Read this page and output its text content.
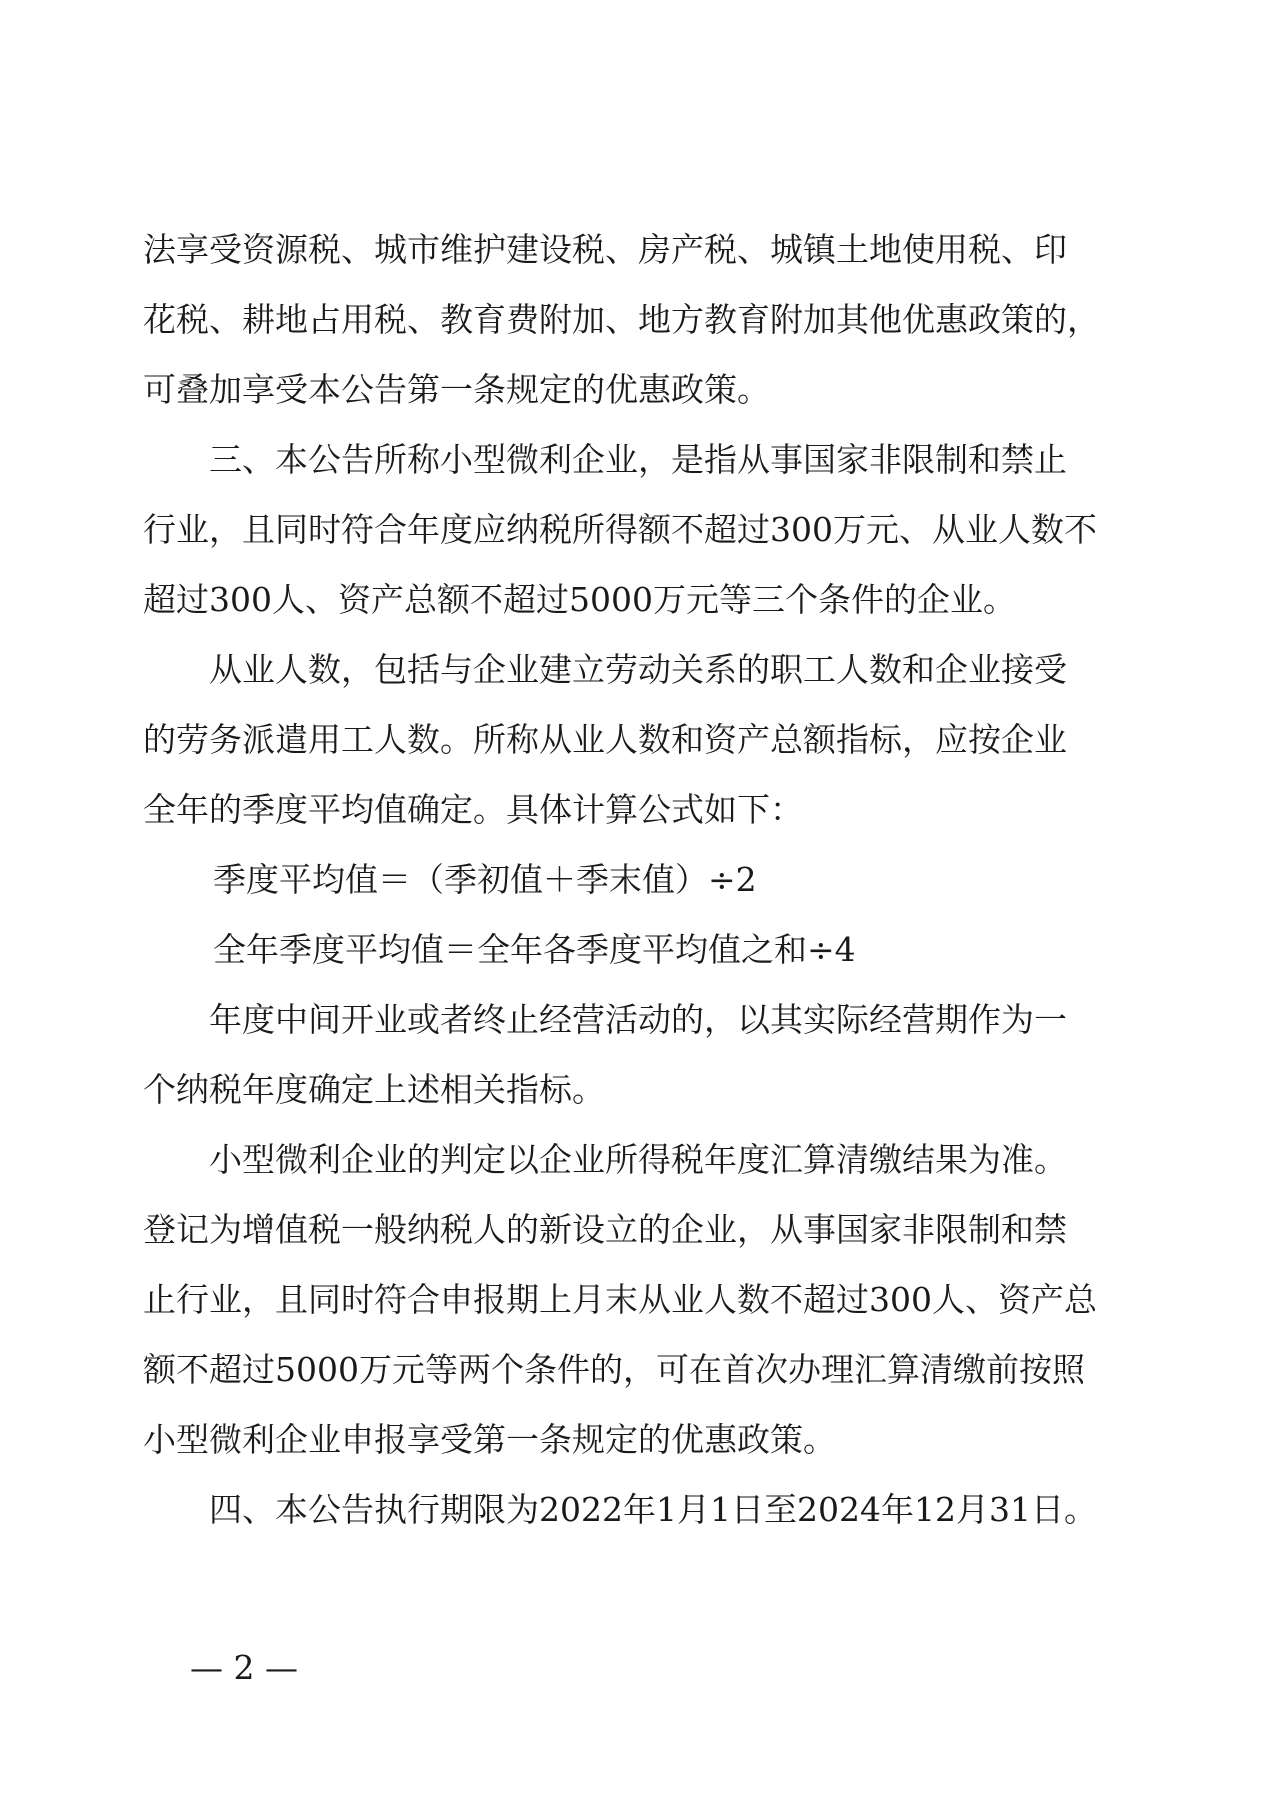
法享受资源税、城市维护建设税、房产税、城镇土地使用税、印
花税、耕地占用税、教育费附加、地方教育附加其他优惠政策的，
可叠加享受本公告第一条规定的优惠政策。
三、本公告所称小型微利企业，是指从事国家非限制和禁止
行业，且同时符合年度应纳税所得额不超过300万元、从业人数不
超过300人、资产总额不超过5000万元等三个条件的企业。
从业人数，包括与企业建立劳动关系的职工人数和企业接受
的劳务派遣用工人数。所称从业人数和资产总额指标，应按企业
全年的季度平均值确定。具体计算公式如下：
季度平均值＝（季初值＋季末值）÷2
全年季度平均值＝全年各季度平均值之和÷4
年度中间开业或者终止经营活动的，以其实际经营期作为一
个纳税年度确定上述相关指标。
小型微利企业的判定以企业所得税年度汇算清缴结果为准。
登记为增值税一般纳税人的新设立的企业，从事国家非限制和禁
止行业，且同时符合申报期上月末从业人数不超过300人、资产总
额不超过5000万元等两个条件的，可在首次办理汇算清缴前按照
小型微利企业申报享受第一条规定的优惠政策。
四、本公告执行期限为2022年1月1日至2024年12月31日。
— 2 —
